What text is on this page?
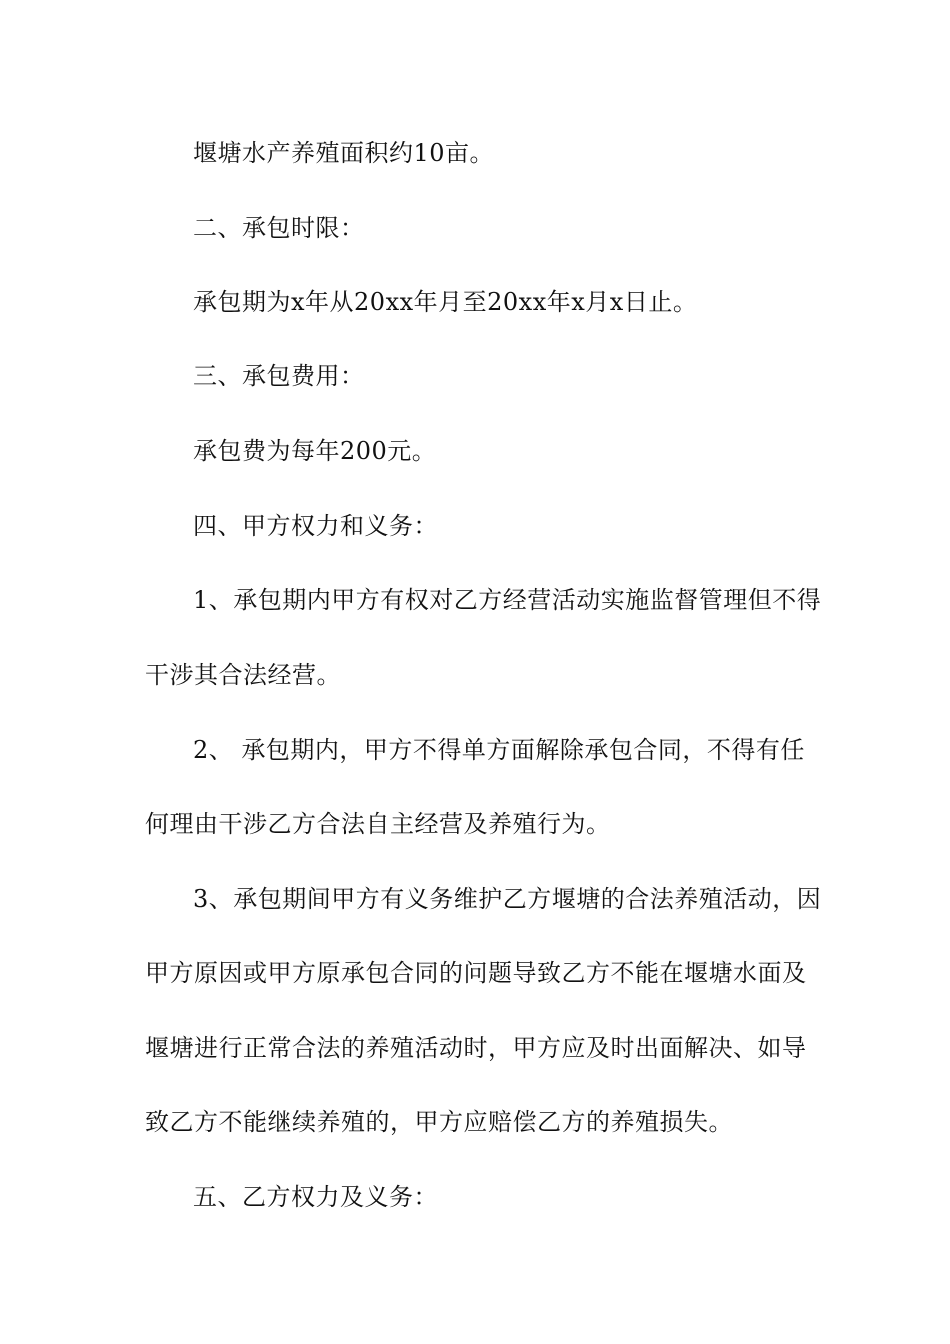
堰塘水产养殖面积约10亩。
二、承包时限：
承包期为x年从20xx年月至20xx年x月x日止。
三、承包费用：
承包费为每年200元。
四、甲方权力和义务：
1、承包期内甲方有权对乙方经营活动实施监督管理但不得
干涉其合法经营。
2、 承包期内，甲方不得单方面解除承包合同，不得有任
何理由干涉乙方合法自主经营及养殖行为。
3、承包期间甲方有义务维护乙方堰塘的合法养殖活动，因
甲方原因或甲方原承包合同的问题导致乙方不能在堰塘水面及
堰塘进行正常合法的养殖活动时，甲方应及时出面解决、如导
致乙方不能继续养殖的，甲方应赔偿乙方的养殖损失。
五、乙方权力及义务：
